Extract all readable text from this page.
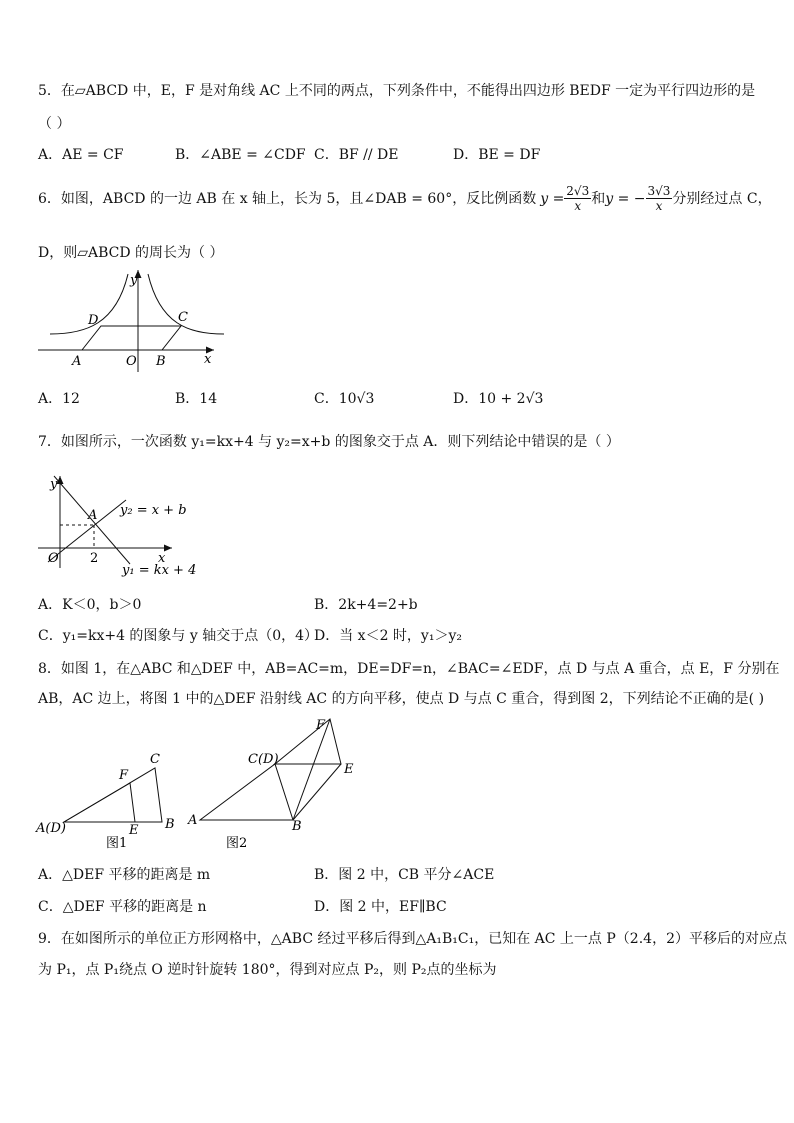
5．在▱ABCD 中，E，F 是对角线 AC 上不同的两点，下列条件中，不能得出四边形 BEDF 一定为平行四边形的是
（ ）
A．AE = CF	B．∠ABE = ∠CDF C．BF // DE	D．BE = DF
6．如图，ABCD 的一边 AB 在 x 轴上，长为 5，且∠DAB = 60°，反比例函数 $y = \frac{2√3}{x}$ 和 y = − $\frac{3√3}{x}$ 分别经过点 C，
D，则▱ABCD 的周长为（ ）
y
x
D	C
A	O B
A．12	B．14	C．10√3	D．10 + 2√3
7．如图所示，一次函数 y₁=kx+4 与 y₂=x+b 的图象交于点 A．则下列结论中错误的是（ ）
y
A y₂ = x + b
O 2	x
y₁ = kx + 4
A．K＜0，b＞0	B．2k+4=2+b
C．y₁=kx+4 的图象与 y 轴交于点（0，4）
D．当 x＜2 时，y₁＞y₂
8．如图 1，在△ABC 和△DEF 中，AB=AC=m，DE=DF=n，∠BAC=∠EDF，点 D 与点 A 重合，点 E，F 分别在
AB，AC 边上，将图 1 中的△DEF 沿射线 AC 的方向平移，使点 D 与点 C 重合，得到图 2，下列结论不正确的是( )
C
F
A(D)	E B
图1
F
C(D)
E
A	B
图2
A．△DEF 平移的距离是 m	B．图 2 中，CB 平分∠ACE
C．△DEF 平移的距离是 n	D．图 2 中，EF∥BC
9．在如图所示的单位正方形网格中，△ABC 经过平移后得到△A₁B₁C₁，已知在 AC 上一点 P（2.4，2）平移后的对应点
为 P₁，点 P₁绕点 O 逆时针旋转 180°，得到对应点 P₂，则 P₂点的坐标为
